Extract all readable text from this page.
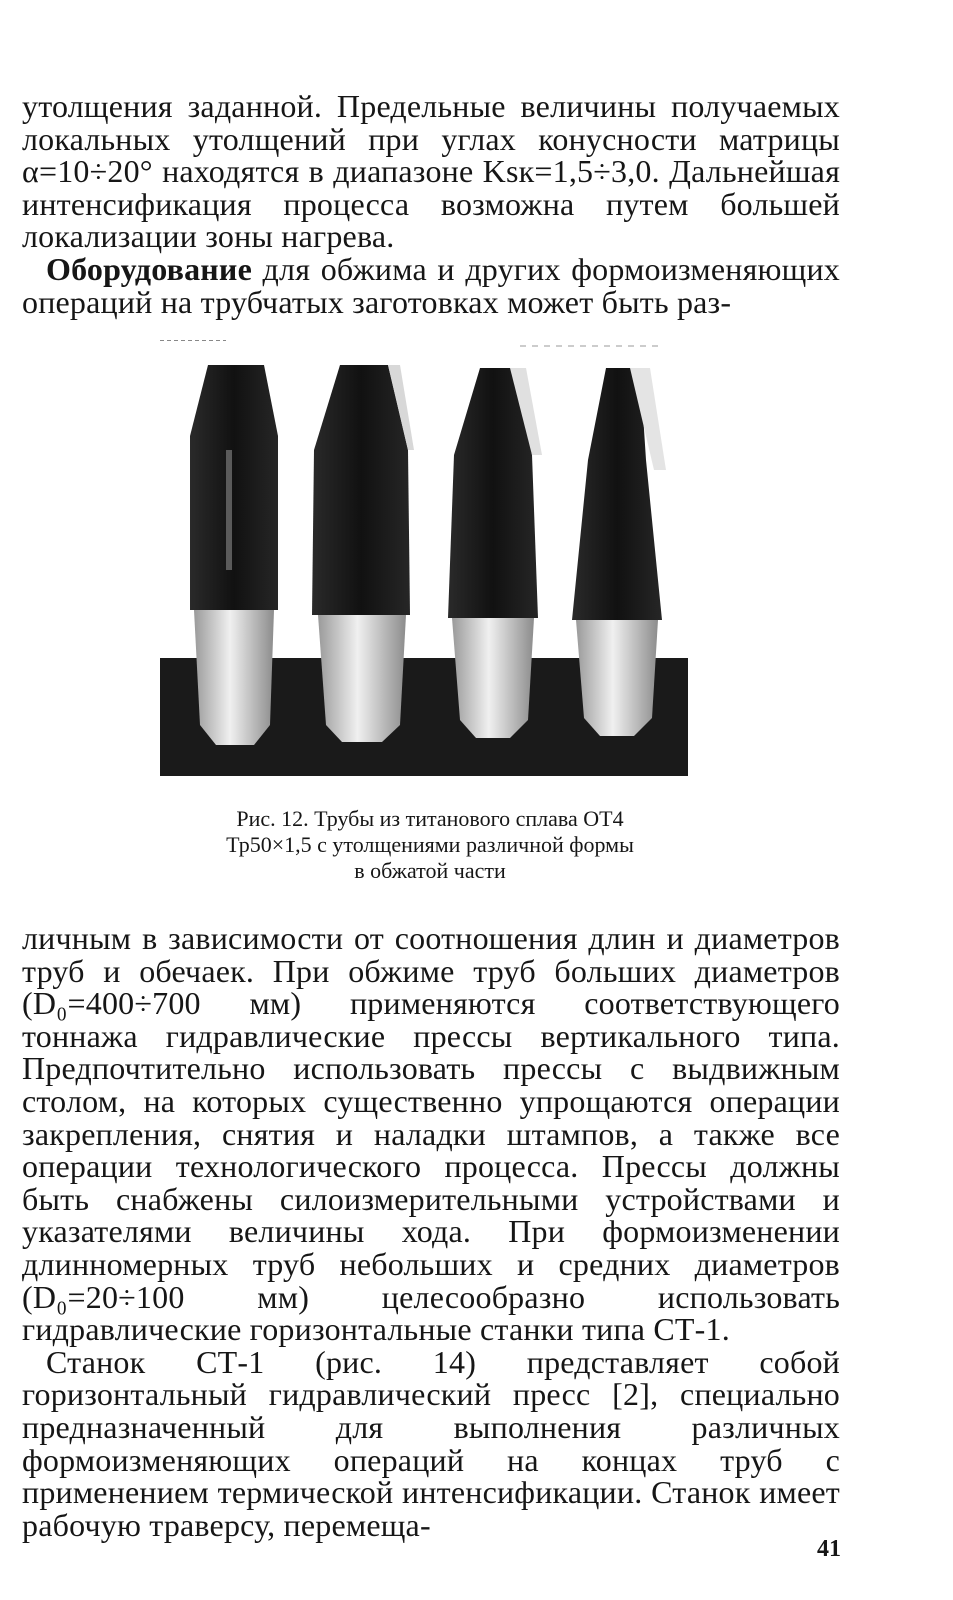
утолщения заданной. Предельные величины получаемых локальных утолщений при углах конусности матрицы α=10÷20° находятся в диапазоне Kѕк=1,5÷3,0. Дальнейшая интенсификация процесса возможна путем большей локализации зоны нагрева.

Оборудование для обжима и других формоизменяющих операций на трубчатых заготовках может быть раз-

Рис. 12. Трубы из титанового сплава ОТ4
Тр50×1,5 с утолщениями различной формы
в обжатой части

личным в зависимости от соотношения длин и диаметров труб и обечаек. При обжиме труб больших диаметров (D₀=400÷700 мм) применяются соответствующего тоннажа гидравлические прессы вертикального типа. Предпочтительно использовать прессы с выдвижным столом, на которых существенно упрощаются операции закрепления, снятия и наладки штампов, а также все операции технологического процесса. Прессы должны быть снабжены силоизмерительными устройствами и указателями величины хода. При формоизменении длинномерных труб небольших и средних диаметров (D₀=20÷100 мм) целесообразно использовать гидравлические горизонтальные станки типа СТ-1.

Станок СТ-1 (рис. 14) представляет собой горизонтальный гидравлический пресс [2], специально предназначенный для выполнения различных формоизменяющих операций на концах труб с применением термической интенсификации. Станок имеет рабочую траверсу, перемеща-

41
